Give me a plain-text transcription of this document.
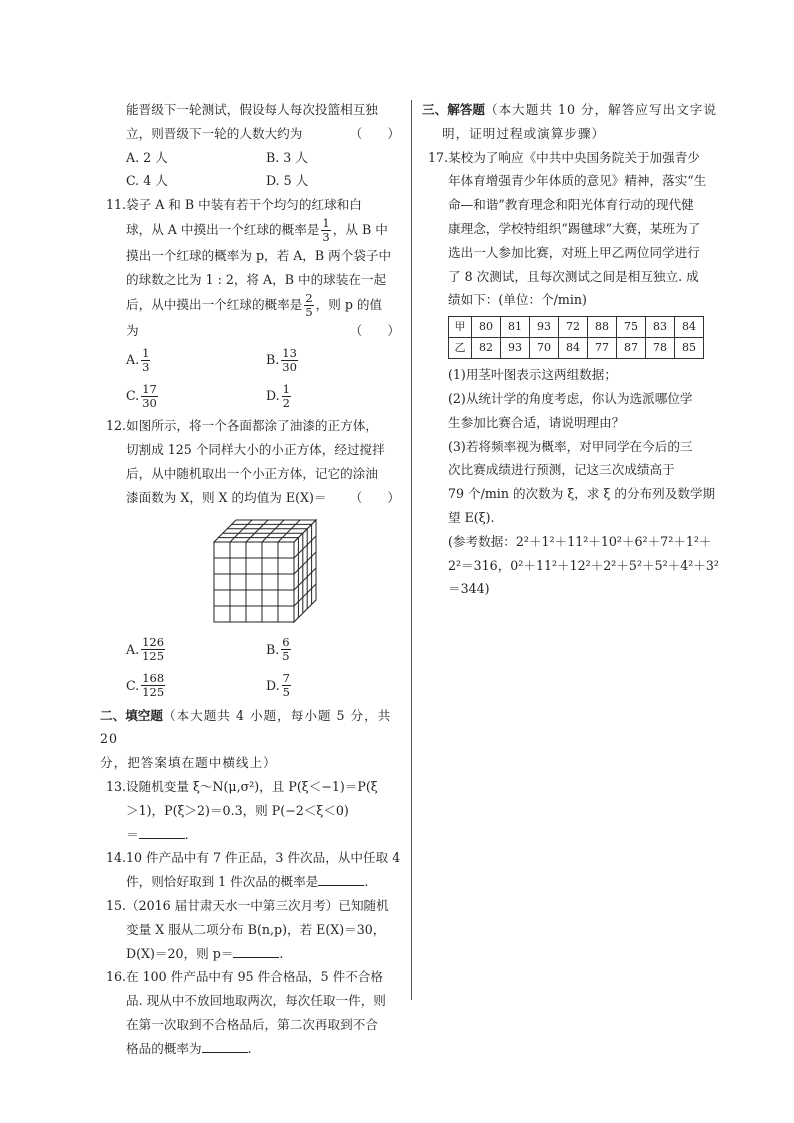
能晋级下一轮测试，假设每人每次投篮相互独

立，则晋级下一轮的人数大约为	（　　）

A. 2 人	B. 3 人
C. 4 人	D. 5 人
11. 袋子 A 和 B 中装有若干个均匀的红球和白

球，从 A 中摸出一个红球的概率是 $\frac{1}{3}$ ，从 B 中

摸出一个红球的概率为 p，若 A，B 两个袋子中

的球数之比为 1 : 2，将 A，B 中的球装在一起

后，从中摸出一个红球的概率是 $\frac{2}{5}$ ，则 p 的值

为	（　　）

A. $\frac{1}{3}$	B. $\frac{13}{30}$
C. $\frac{17}{30}$	D. $\frac{1}{2}$
12. 如图所示，将一个各面都涂了油漆的正方体，

切割成 125 个同样大小的小正方体，经过搅拌

后，从中随机取出一个小正方体，记它的涂油

漆面数为 X，则 X 的均值为 E(X)＝ （　　）

A. $\frac{126}{125}$	B. $\frac{6}{5}$
C. $\frac{168}{125}$	D. $\frac{7}{5}$

二、填空题（本大题共 4 小题，每小题 5 分，共 20

分，把答案填在题中横线上）

13. 设随机变量 ξ～N(μ,σ²)，且 P(ξ＜−1)＝P(ξ

＞1)，P(ξ＞2)＝0.3，则 P(−2＜ξ＜0)

＝	.

14. 10 件产品中有 7 件正品，3 件次品，从中任取 4

件，则恰好取到 1 件次品的概率是	.

15. （2016 届甘肃天水一中第三次月考）已知随机

变量 X 服从二项分布 B(n,p)，若 E(X)＝30，

D(X)＝20，则 p＝	.

16. 在 100 件产品中有 95 件合格品，5 件不合格

品. 现从中不放回地取两次，每次任取一件，则

在第一次取到不合格品后，第二次再取到不合

格品的概率为	.

三、解答题（本大题共 10 分，解答应写出文字说

明，证明过程或演算步骤）

17. 某校为了响应《中共中央国务院关于加强青少

年体育增强青少年体质的意见》精神，落实“生

命—和谐”教育理念和阳光体育行动的现代健

康理念，学校特组织“踢毽球”大赛，某班为了

选出一人参加比赛，对班上甲乙两位同学进行

了 8 次测试，且每次测试之间是相互独立. 成

绩如下：(单位：个/min)

甲	80	81	93	72	88	75	83	84
乙	82	93	70	84	77	87	78	85

(1)用茎叶图表示这两组数据；

(2)从统计学的角度考虑，你认为选派哪位学

生参加比赛合适，请说明理由？

(3)若将频率视为概率，对甲同学在今后的三

次比赛成绩进行预测，记这三次成绩高于

79 个/min 的次数为 ξ，求 ξ 的分布列及数学期

望 E(ξ).

(参考数据：2²＋1²＋11²＋10²＋6²＋7²＋1²＋

2²＝316，0²＋11²＋12²＋2²＋5²＋5²＋4²＋3²

＝344)
